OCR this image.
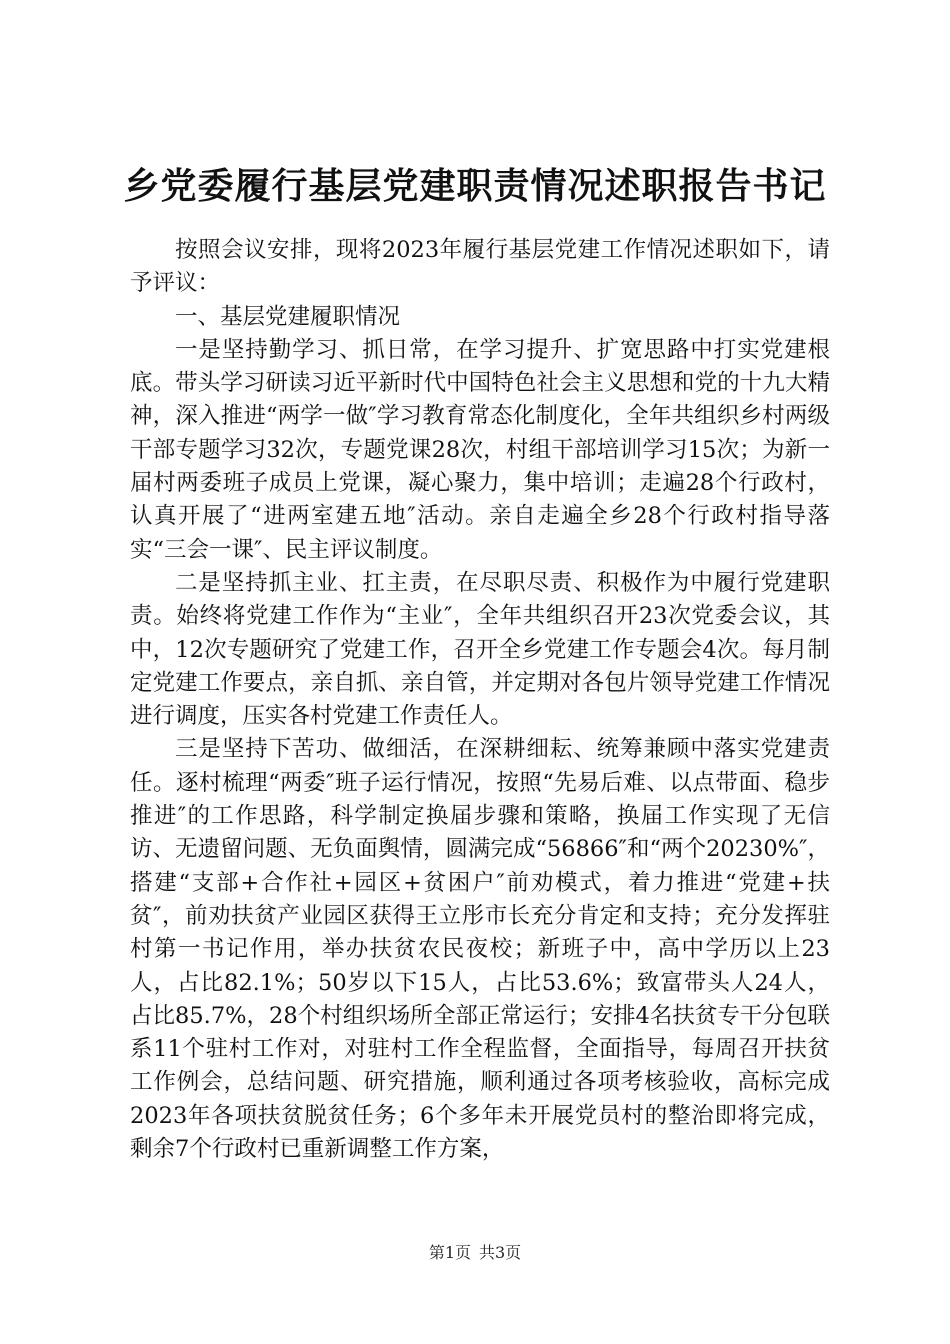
乡党委履行基层党建职责情况述职报告书记

按照会议安排，现将2023年履行基层党建工作情况述职如下，请予评议：

一、基层党建履职情况

一是坚持勤学习、抓日常，在学习提升、扩宽思路中打实党建根底。带头学习研读习近平新时代中国特色社会主义思想和党的十九大精神，深入推进“两学一做″学习教育常态化制度化，全年共组织乡村两级干部专题学习32次，专题党课28次，村组干部培训学习15次；为新一届村两委班子成员上党课，凝心聚力，集中培训；走遍28个行政村，认真开展了“进两室建五地″活动。亲自走遍全乡28个行政村指导落实“三会一课″、民主评议制度。

二是坚持抓主业、扛主责，在尽职尽责、积极作为中履行党建职责。始终将党建工作作为“主业″，全年共组织召开23次党委会议，其中，12次专题研究了党建工作，召开全乡党建工作专题会4次。每月制定党建工作要点，亲自抓、亲自管，并定期对各包片领导党建工作情况进行调度，压实各村党建工作责任人。

三是坚持下苦功、做细活，在深耕细耘、统筹兼顾中落实党建责任。逐村梳理“两委″班子运行情况，按照“先易后难、以点带面、稳步推进″的工作思路，科学制定换届步骤和策略，换届工作实现了无信访、无遗留问题、无负面舆情，圆满完成“56866″和“两个20230%″，搭建“支部+合作社+园区+贫困户″前劝模式，着力推进“党建+扶贫″，前劝扶贫产业园区获得王立彤市长充分肯定和支持；充分发挥驻村第一书记作用，举办扶贫农民夜校；新班子中，高中学历以上23人，占比82.1%；50岁以下15人，占比53.6%；致富带头人24人，占比85.7%，28个村组织场所全部正常运行；安排4名扶贫专干分包联系11个驻村工作对，对驻村工作全程监督，全面指导，每周召开扶贫工作例会，总结问题、研究措施，顺利通过各项考核验收，高标完成2023年各项扶贫脱贫任务；6个多年未开展党员村的整治即将完成，剩余7个行政村已重新调整工作方案，

第1页 共3页
